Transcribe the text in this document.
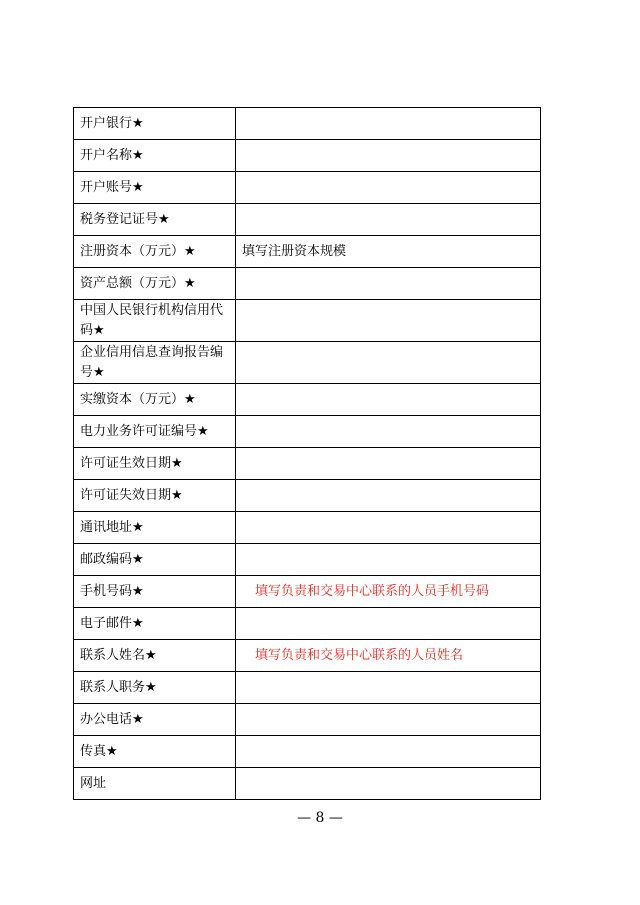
开户银行★	
开户名称★	
开户账号★	
税务登记证号★	
注册资本（万元）★	填写注册资本规模
资产总额（万元）★	
中国人民银行机构信用代码★	
企业信用信息查询报告编号★	
实缴资本（万元）★	
电力业务许可证编号★	
许可证生效日期★	
许可证失效日期★	
通讯地址★	
邮政编码★	
手机号码★	填写负责和交易中心联系的人员手机号码
电子邮件★	
联系人姓名★	填写负责和交易中心联系的人员姓名
联系人职务★	
办公电话★	
传真★	
网址	
— 8 —
